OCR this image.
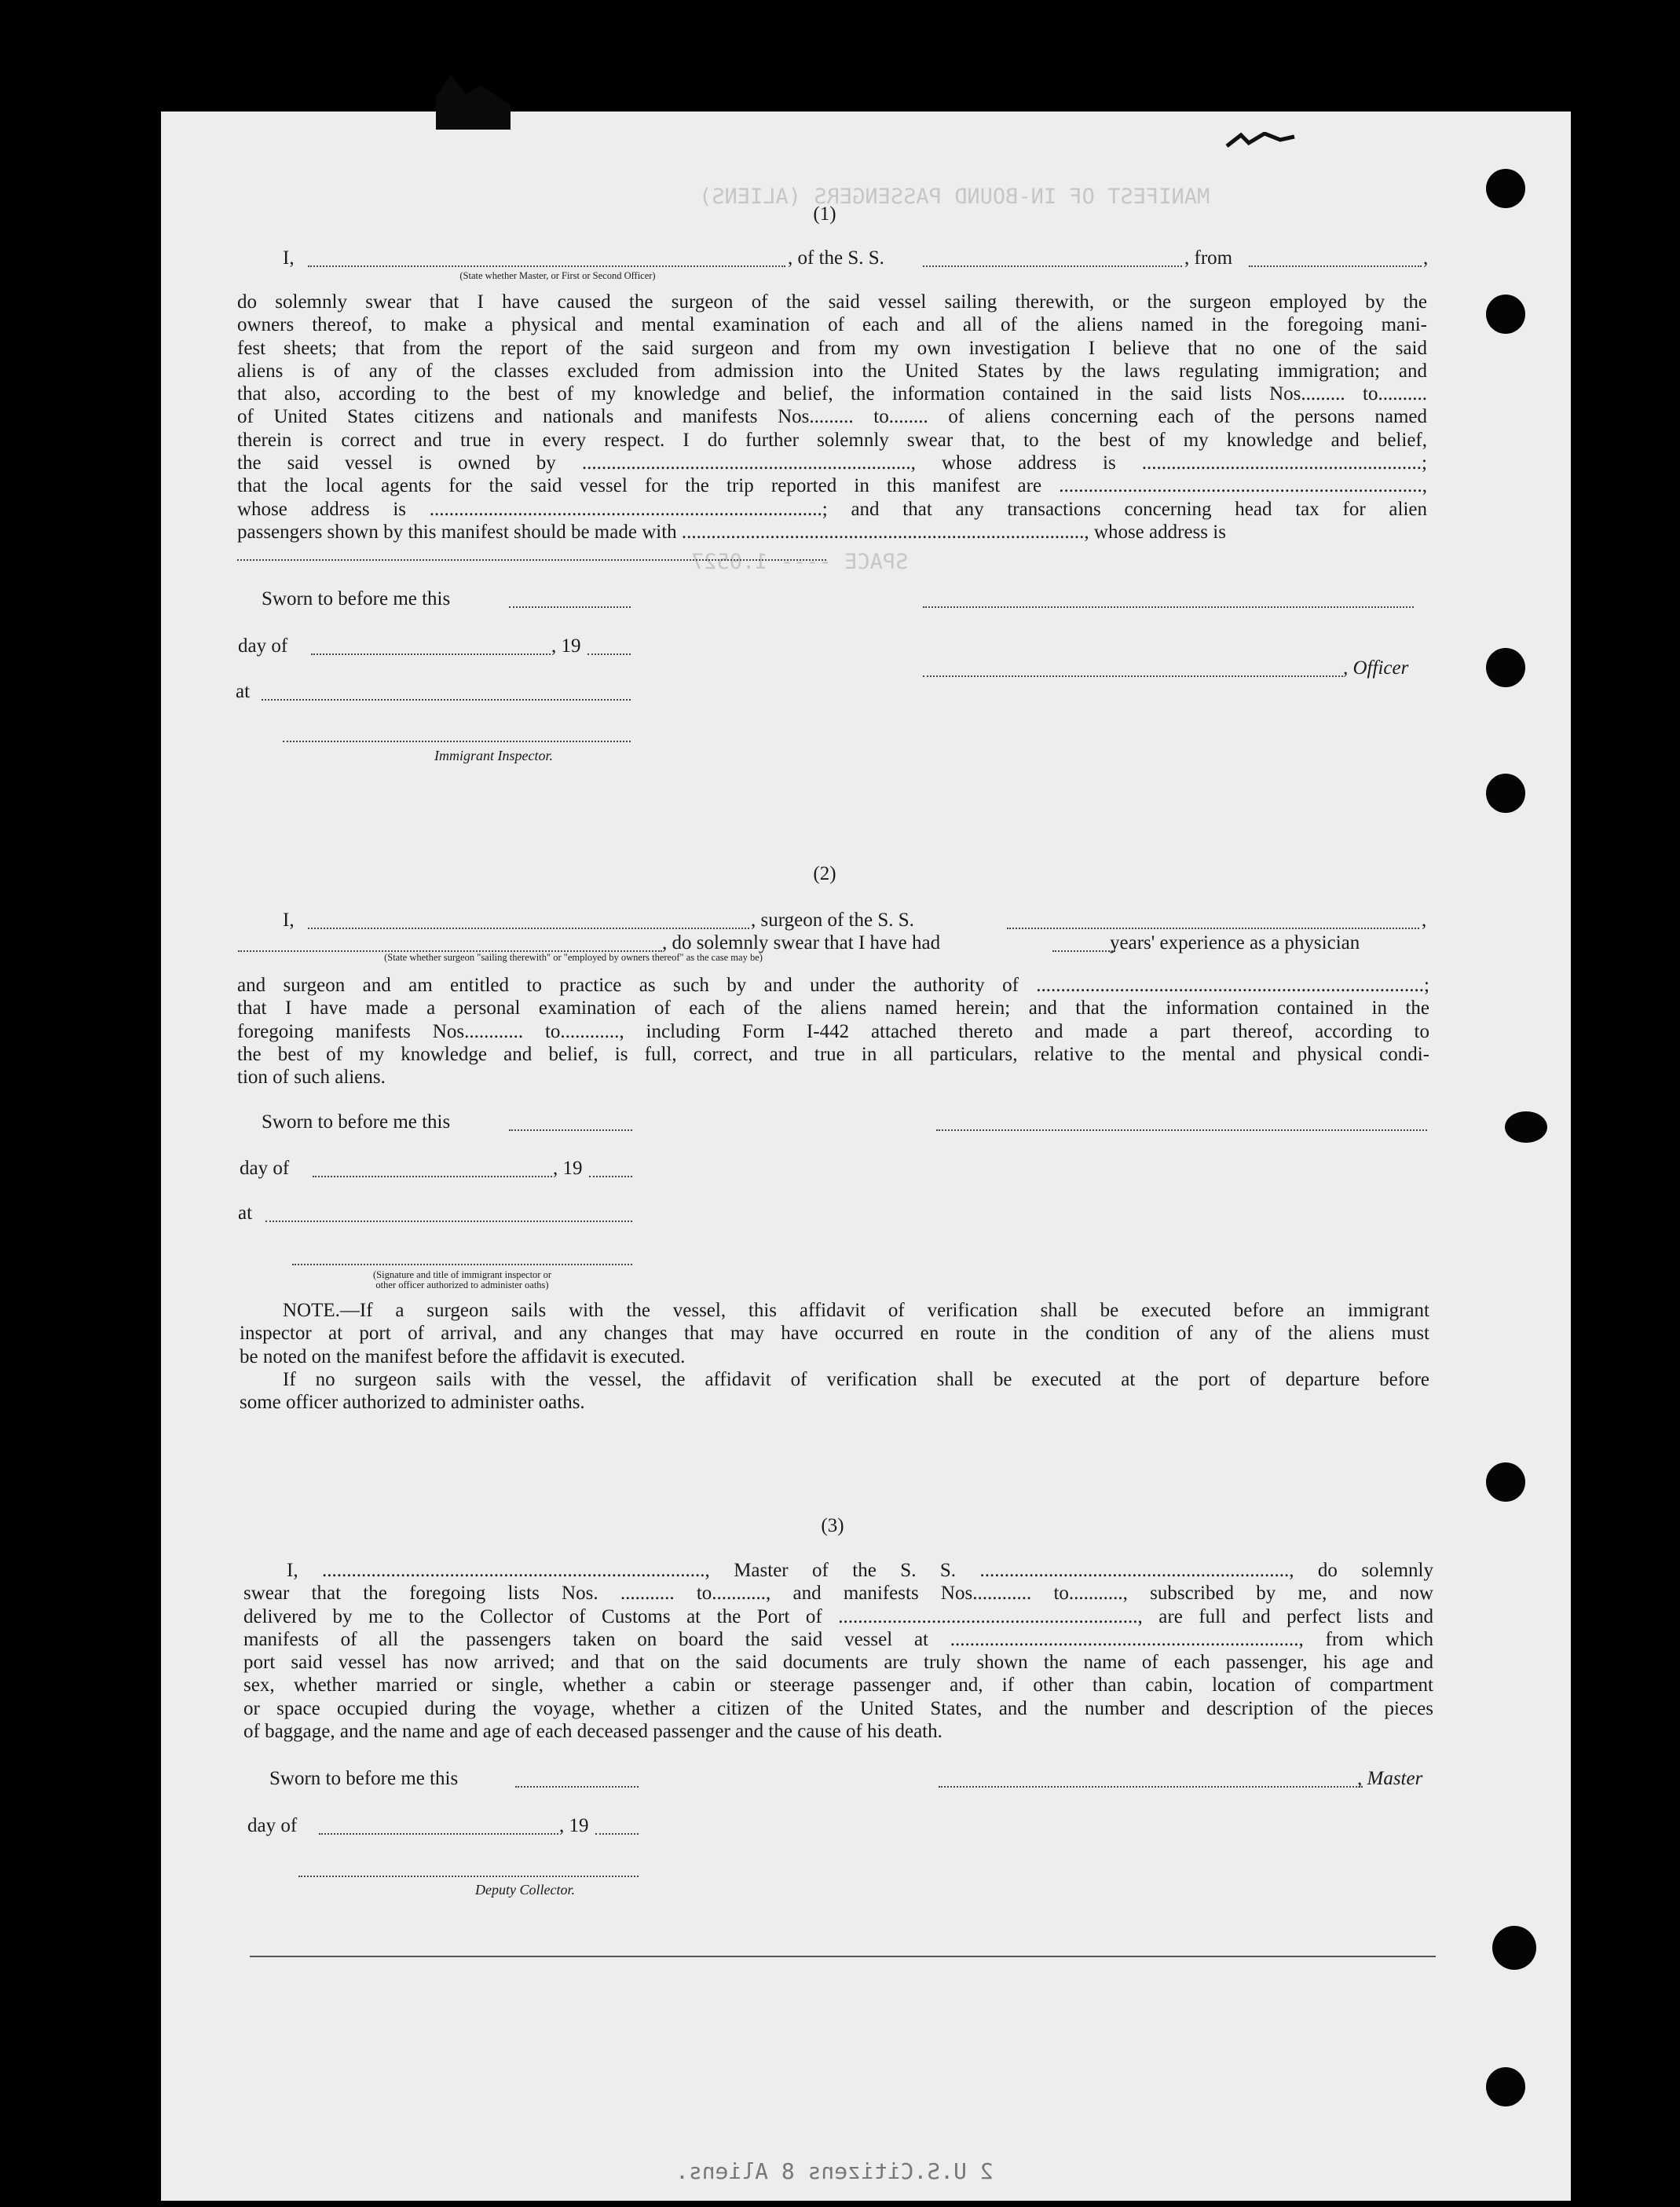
MANIFEST OF IN-BOUND PASSENGERS (ALIENS)
SPACE ---- 1.0527
(1)
I,	, of the S. S.	, from	,
(State whether Master, or First or Second Officer)
do solemnly swear that I have caused the surgeon of the said vessel sailing therewith, or the surgeon employed by the
owners thereof, to make a physical and mental examination of each and all of the aliens named in the foregoing mani-
fest sheets; that from the report of the said surgeon and from my own investigation I believe that no one of the said
aliens is of any of the classes excluded from admission into the United States by the laws regulating immigration; and
that also, according to the best of my knowledge and belief, the information contained in the said lists Nos......... to..........
of United States citizens and nationals and manifests Nos......... to........ of aliens concerning each of the persons named
therein is correct and true in every respect. I do further solemnly swear that, to the best of my knowledge and belief,
the said vessel is owned by ..................................................................., whose address is .........................................................;
that the local agents for the said vessel for the trip reported in this manifest are ..........................................................................,
whose address is ................................................................................; and that any transactions concerning head tax for alien
passengers shown by this manifest should be made with .................................................................................., whose address is
Sworn to before me this
day of	, 19
, Officer
at
Immigrant Inspector.
(2)
I,	, surgeon of the S. S.	,
, do solemnly swear that I have had	years' experience as a physician
(State whether surgeon "sailing therewith" or "employed by owners thereof" as the case may be)
and surgeon and am entitled to practice as such by and under the authority of ...............................................................................;
that I have made a personal examination of each of the aliens named herein; and that the information contained in the
foregoing manifests Nos............ to............, including Form I-442 attached thereto and made a part thereof, according to
the best of my knowledge and belief, is full, correct, and true in all particulars, relative to the mental and physical condi-
tion of such aliens.
Sworn to before me this
day of	, 19
at
(Signature and title of immigrant inspector or
other officer authorized to administer oaths)
NOTE.—If a surgeon sails with the vessel, this affidavit of verification shall be executed before an immigrant
inspector at port of arrival, and any changes that may have occurred en route in the condition of any of the aliens must
be noted on the manifest before the affidavit is executed.
If no surgeon sails with the vessel, the affidavit of verification shall be executed at the port of departure before
some officer authorized to administer oaths.
(3)
I, .............................................................................., Master of the S. S. ..............................................................., do solemnly
swear that the foregoing lists Nos. ........... to..........., and manifests Nos............ to..........., subscribed by me, and now
delivered by me to the Collector of Customs at the Port of ............................................................., are full and perfect lists and
manifests of all the passengers taken on board the said vessel at ......................................................................., from which
port said vessel has now arrived; and that on the said documents are truly shown the name of each passenger, his age and
sex, whether married or single, whether a cabin or steerage passenger and, if other than cabin, location of compartment
or space occupied during the voyage, whether a citizen of the United States, and the number and description of the pieces
of baggage, and the name and age of each deceased passenger and the cause of his death.
Sworn to before me this	, Master
day of	, 19
Deputy Collector.
2 U.S.Citizens 8 Aliens.
